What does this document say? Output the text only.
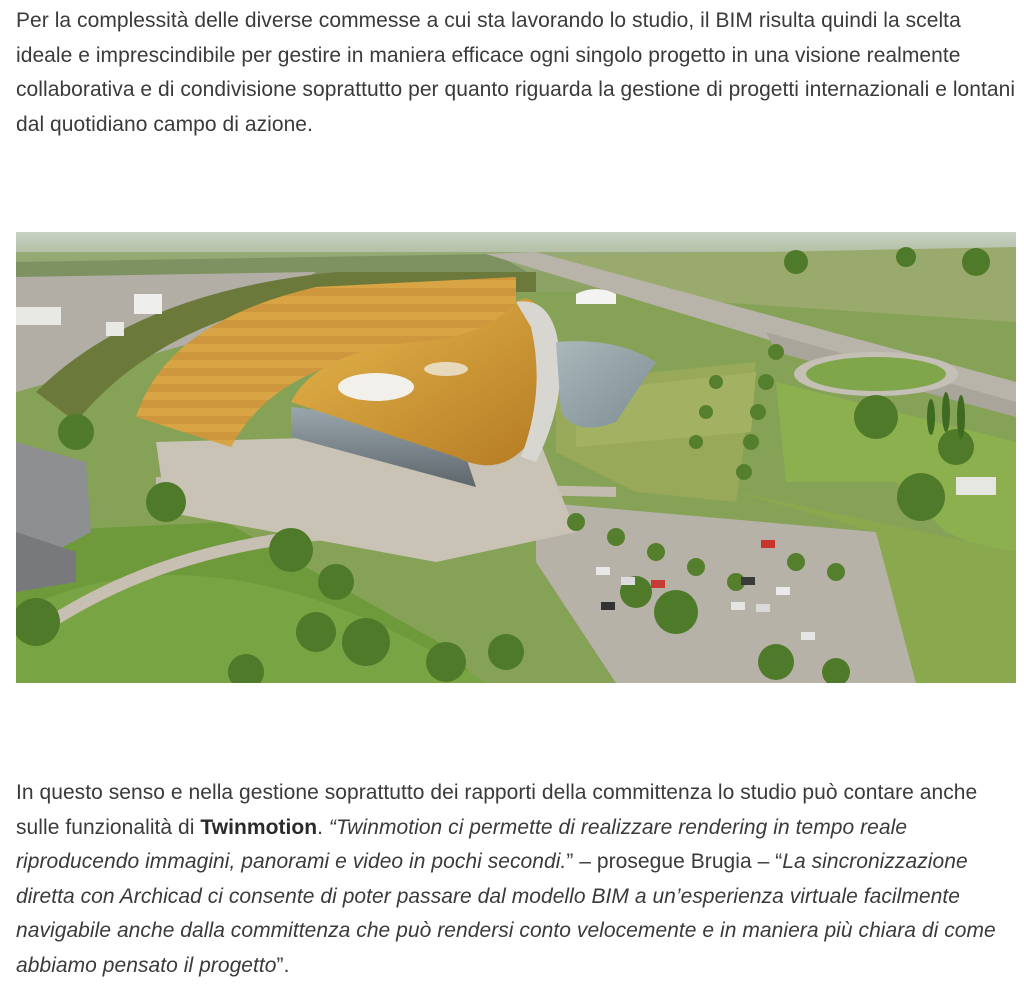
Per la complessità delle diverse commesse a cui sta lavorando lo studio, il BIM risulta quindi la scelta ideale e imprescindibile per gestire in maniera efficace ogni singolo progetto in una visione realmente collaborativa e di condivisione soprattutto per quanto riguarda la gestione di progetti internazionali e lontani dal quotidiano campo di azione.

In questo senso e nella gestione soprattutto dei rapporti della committenza lo studio può contare anche sulle funzionalità di Twinmotion. “Twinmotion ci permette di realizzare rendering in tempo reale riproducendo immagini, panorami e video in pochi secondi.” – prosegue Brugia – “La sincronizzazione diretta con Archicad ci consente di poter passare dal modello BIM a un’esperienza virtuale facilmente navigabile anche dalla committenza che può rendersi conto velocemente e in maniera più chiara di come abbiamo pensato il progetto”.
